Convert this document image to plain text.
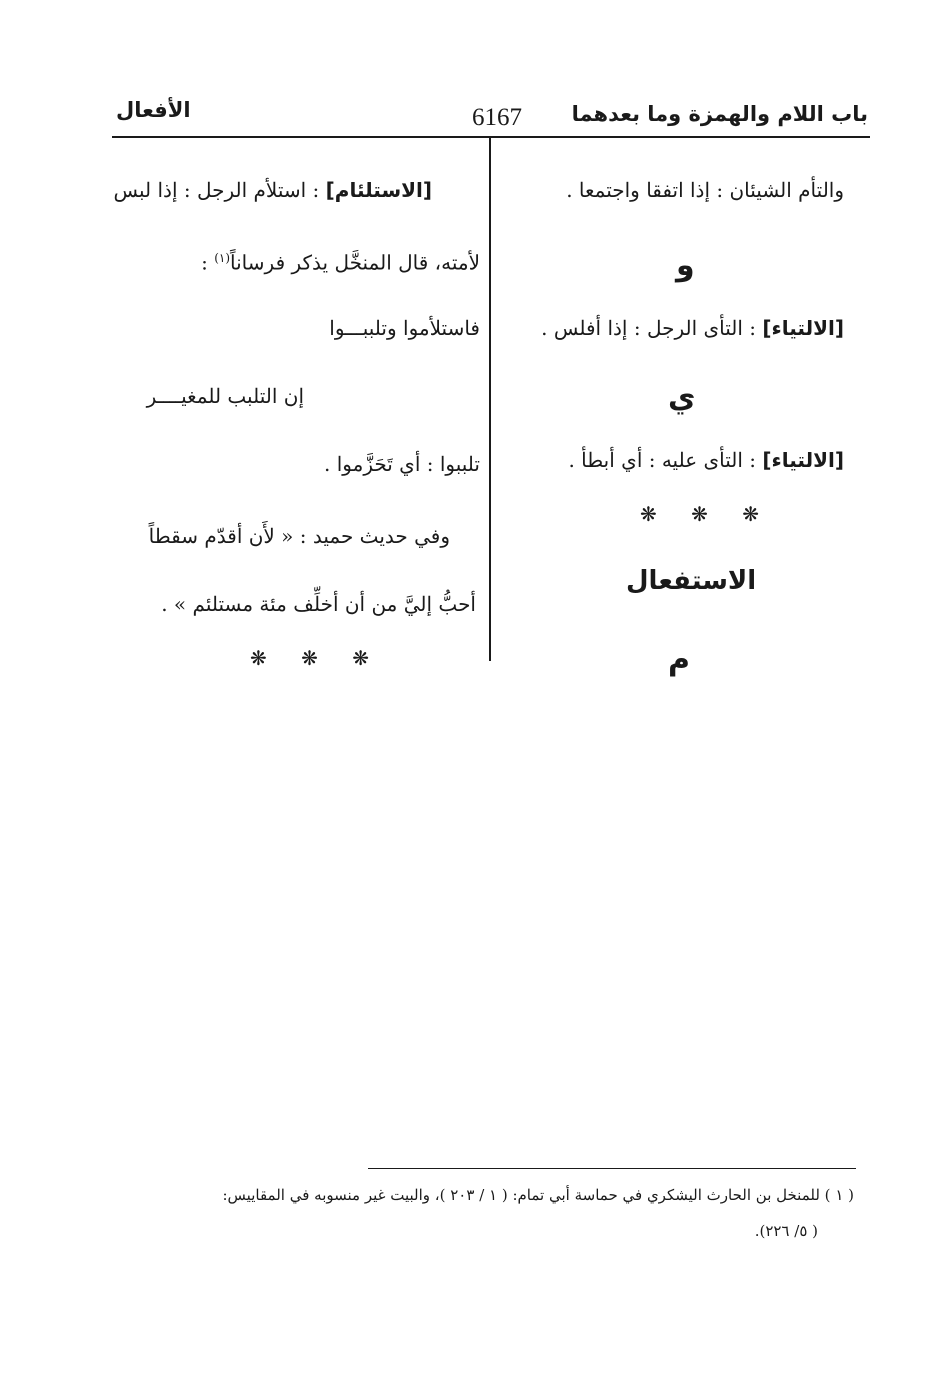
باب اللام والهمزة وما بعدهما
6167
الأفعال
والتأم الشيئان : إذا اتفقا واجتمعا .
و
[الالتياء] : التأى الرجل : إذا أفلس .
ي
[الالتياء] : التأى عليه : أي أبطأ .
❋ ❋ ❋
الاستفعال
م
[الاستلئام] : استلأم الرجل : إذا لبس
لأمته، قال المنخَّل يذكر فرساناً$^{(١)}$ :
فاستلأموا وتلببـــوا
إن التلبب للمغيــــر
تلببوا : أي تَحَزَّموا .
وفي حديث حميد : « لأَن أقدّم سقطاً
أحبُّ إليَّ من أن أخلِّف مئة مستلئم » .
❋ ❋ ❋
( ١ ) للمنخل بن الحارث اليشكري في حماسة أبي تمام: ( ١ / ٢٠٣ )، والبيت غير منسوبه في المقاييس:
( ٥/ ٢٢٦).
